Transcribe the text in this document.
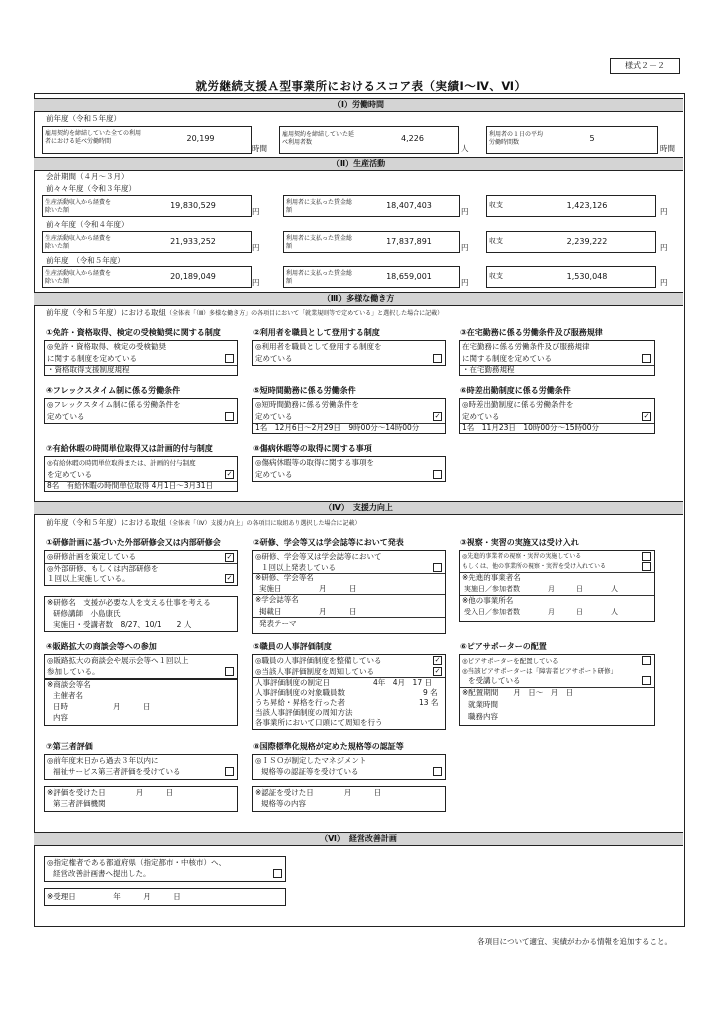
様式２－２
就労継続支援Ａ型事業所におけるスコア表（実績Ⅰ～Ⅳ、Ⅵ）
（Ⅰ）労働時間
前年度（令和５年度）
雇用契約を締結していた全ての利用者における延べ労働時間	20,199
時間
雇用契約を締結していた延べ利用者数	4,226
人
利用者の１日の平均労働時間数	5
時間
（Ⅱ）生産活動
会計期間（４月～３月）
前々々年度（令和３年度）
生産活動収入から経費を除いた額	19,830,529
円
利用者に支払った賃金総額	18,407,403
円
収支	1,423,126
円
前々年度（令和４年度）
生産活動収入から経費を除いた額	21,933,252
円
利用者に支払った賃金総額	17,837,891
円
収支	2,239,222
円
前年度　（令和５年度）
生産活動収入から経費を除いた額	20,189,049
円
利用者に支払った賃金総額	18,659,001
円
収支	1,530,048
円
（Ⅲ）多様な働き方
前年度（令和５年度）における取組（全体表「（Ⅲ）多様な働き方」の各項目において「就業規則等で定めている」と選択した場合に記載）
①免許・資格取得、検定の受検勧奨に関する制度
◎免許・資格取得、検定の受検勧奨
に関する制度を定めている
・資格取得支援制度規程
②利用者を職員として登用する制度
◎利用者を職員として登用する制度を
定めている
③在宅勤務に係る労働条件及び服務規律
在宅勤務に係る労働条件及び服務規律
に関する制度を定めている
・在宅勤務規程
④フレックスタイム制に係る労働条件
◎フレックスタイム制に係る労働条件を
定めている
⑤短時間勤務に係る労働条件
◎短時間勤務に係る労働条件を
定めている	✓
1名　12月6日～2月29日　9時00分～14時00分
⑥時差出勤制度に係る労働条件
◎時差出勤制度に係る労働条件を
定めている	✓
1名　11月23日　10時00分～15時00分
⑦有給休暇の時間単位取得又は計画的付与制度
◎有給休暇の時間単位取得または、計画的付与制度
を定めている	✓
8名　有給休暇の時間単位取得 4月1日～3月31日
⑧傷病休暇等の取得に関する事項
◎傷病休暇等の取得に関する事項を
定めている
（Ⅳ）　支援力向上
前年度（令和５年度）における取組（全体表「（Ⅳ）支援力向上」の各項目に取組あり選択した場合に記載）
①研修計画に基づいた外部研修会又は内部研修会
◎研修計画を策定している	✓
◎外部研修、もしくは内部研修を
１回以上実施している。	✓
※研修名　支援が必要な人を支える仕事を考える
研修講師　小島康氏
実施日・受講者数　8/27、10/1　　2 人
②研修、学会等又は学会誌等において発表
◎研修、学会等又は学会誌等において
１回以上発表している
※研修、学会等名
実施日　　　　　月　　　日
※学会誌等名
掲載日　　　　　月　　　日
発表テーマ
③視察・実習の実施又は受け入れ
◎先進的事業者の視察・実習の実施している
もしくは、他の事業所の視察・実習を受け入れている
※先進的事業者名
実施日／参加者数　　　　月　　　日　　　　人
※他の事業所名
受入日／参加者数　　　　月　　　日　　　　人
④販路拡大の商談会等への参加
◎販路拡大の商談会や展示会等へ１回以上
参加している。
※商談会等名
主催者名
日時　　　　　　月　　　日
内容
⑤職員の人事評価制度
◎職員の人事評価制度を整備している	✓
◎当該人事評価制度を周知している	✓
人事評価制度の制定日	4年　4月　17 日
人事評価制度の対象職員数	9 名
うち昇給・昇格を行った者	13 名
当該人事評価制度の周知方法
各事業所において口頭にて周知を行う
⑥ピアサポーターの配置
◎ピアサポーターを配置している
◎当該ピアサポーターは「障害者ピアサポート研修」
を受講している
※配置期間　　月　日～　月　日
就業時間
職務内容
⑦第三者評価
◎前年度末日から過去３年以内に
福祉サービス第三者評価を受けている
※評価を受けた日　　　　月　　　日
第三者評価機関
⑧国際標準化規格が定めた規格等の認証等
◎ＩＳＯが制定したマネジメント
規格等の認証等を受けている
※認証を受けた日　　　　月　　　日
規格等の内容
（Ⅵ）　経営改善計画
◎指定権者である都道府県（指定都市・中核市）へ、
経営改善計画書へ提出した。
※受理日　　　　　年　　　月　　　日
各項目について適宜、実績がわかる情報を追加すること。
